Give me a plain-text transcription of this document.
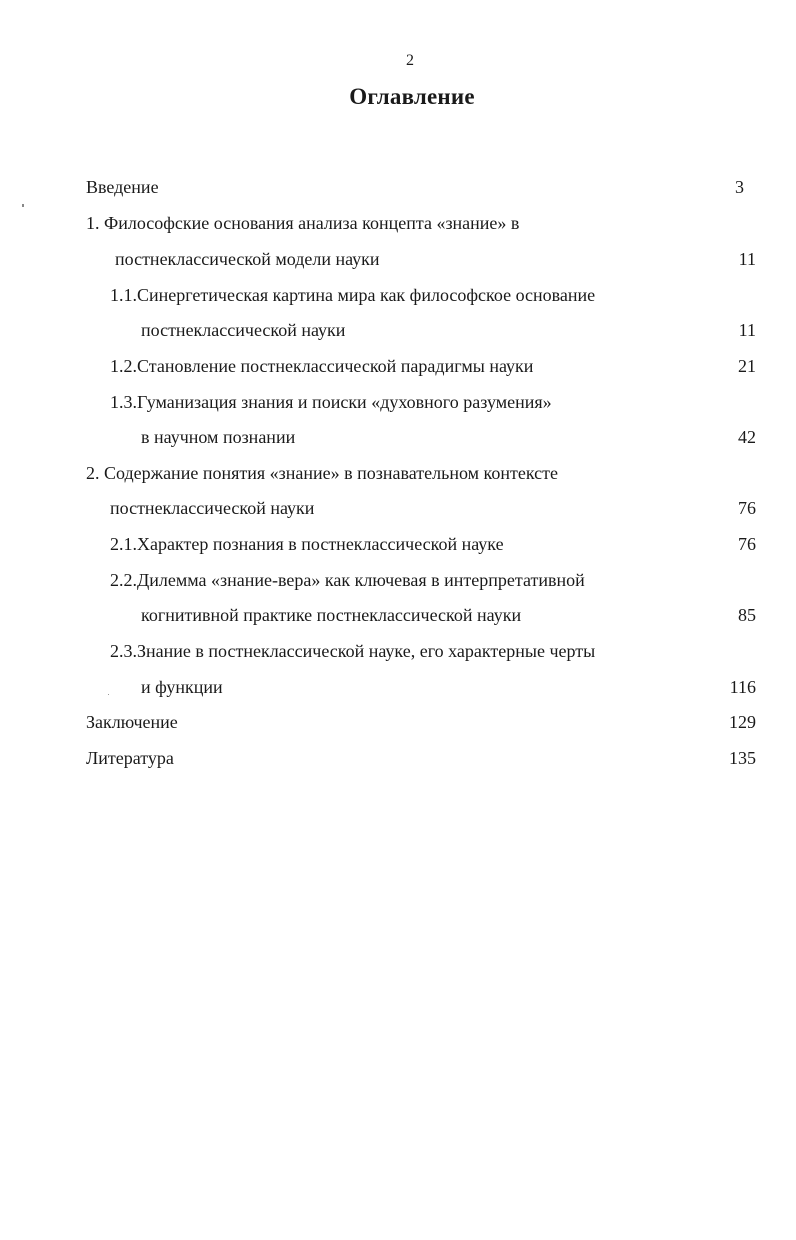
2
Оглавление
Введение	3
1. Философские основания анализа концепта «знание» в
постнеклассической модели науки	11
1.1.Синергетическая картина мира как философское основание
постнеклассической науки	11
1.2.Становление постнеклассической парадигмы науки	21
1.3.Гуманизация знания и поиски «духовного разумения»
в научном познании	42
2. Содержание понятия «знание» в познавательном контексте
постнеклассической науки	76
2.1.Характер познания в постнеклассической науке	76
2.2.Дилемма «знание-вера» как ключевая в интерпретативной
когнитивной практике постнеклассической науки	85
2.3.Знание в постнеклассической науке, его характерные черты
и функции	116
Заключение	129
Литература	135
